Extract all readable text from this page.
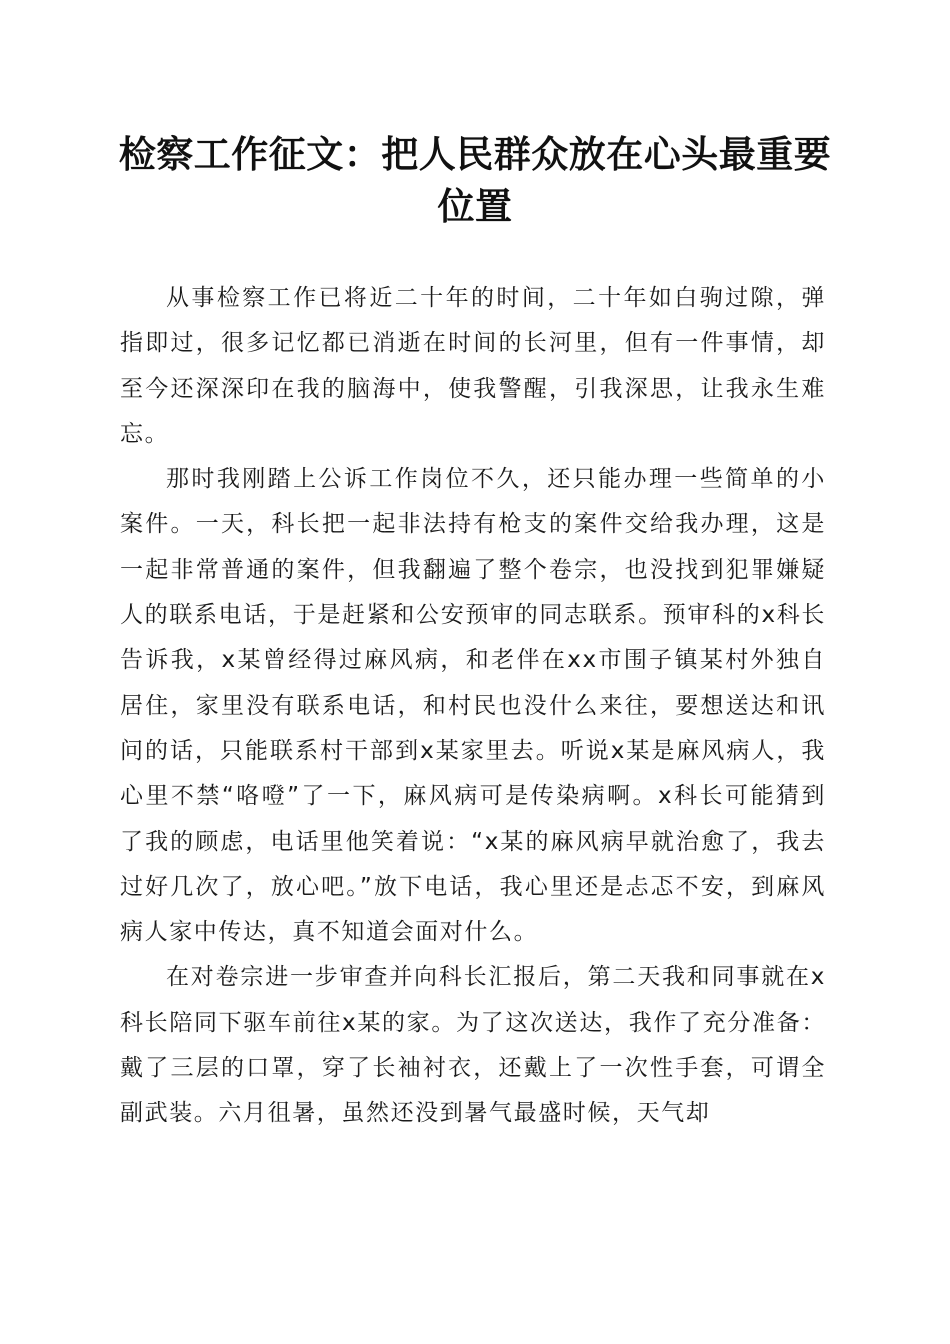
检察工作征文：把人民群众放在心头最重要位置

从事检察工作已将近二十年的时间，二十年如白驹过隙，弹指即过，很多记忆都已消逝在时间的长河里，但有一件事情，却至今还深深印在我的脑海中，使我警醒，引我深思，让我永生难忘。

那时我刚踏上公诉工作岗位不久，还只能办理一些简单的小案件。一天，科长把一起非法持有枪支的案件交给我办理，这是一起非常普通的案件，但我翻遍了整个卷宗，也没找到犯罪嫌疑人的联系电话，于是赶紧和公安预审的同志联系。预审科的x科长告诉我，x某曾经得过麻风病，和老伴在xx市围子镇某村外独自居住，家里没有联系电话，和村民也没什么来往，要想送达和讯问的话，只能联系村干部到x某家里去。听说x某是麻风病人，我心里不禁“咯噔”了一下，麻风病可是传染病啊。x科长可能猜到了我的顾虑，电话里他笑着说：“x某的麻风病早就治愈了，我去过好几次了，放心吧。”放下电话，我心里还是忐忑不安，到麻风病人家中传达，真不知道会面对什么。

在对卷宗进一步审查并向科长汇报后，第二天我和同事就在x科长陪同下驱车前往x某的家。为了这次送达，我作了充分准备：戴了三层的口罩，穿了长袖衬衣，还戴上了一次性手套，可谓全副武装。六月徂暑，虽然还没到暑气最盛时候，天气却
